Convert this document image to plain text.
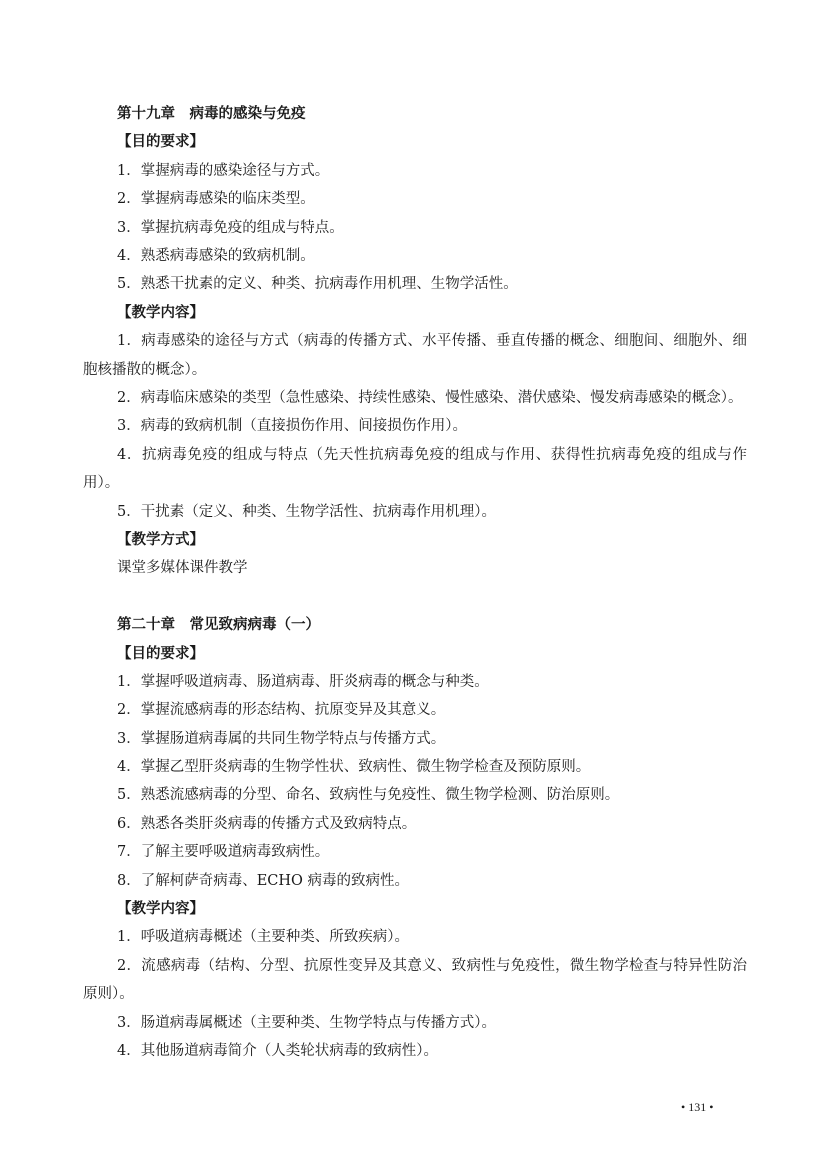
第十九章　病毒的感染与免疫
【目的要求】
1．掌握病毒的感染途径与方式。
2．掌握病毒感染的临床类型。
3．掌握抗病毒免疫的组成与特点。
4．熟悉病毒感染的致病机制。
5．熟悉干扰素的定义、种类、抗病毒作用机理、生物学活性。
【教学内容】
1．病毒感染的途径与方式（病毒的传播方式、水平传播、垂直传播的概念、细胞间、细胞外、细胞核播散的概念）。
2．病毒临床感染的类型（急性感染、持续性感染、慢性感染、潜伏感染、慢发病毒感染的概念）。
3．病毒的致病机制（直接损伤作用、间接损伤作用）。
4．抗病毒免疫的组成与特点（先天性抗病毒免疫的组成与作用、获得性抗病毒免疫的组成与作用）。
5．干扰素（定义、种类、生物学活性、抗病毒作用机理）。
【教学方式】
课堂多媒体课件教学
第二十章　常见致病病毒（一）
【目的要求】
1．掌握呼吸道病毒、肠道病毒、肝炎病毒的概念与种类。
2．掌握流感病毒的形态结构、抗原变异及其意义。
3．掌握肠道病毒属的共同生物学特点与传播方式。
4．掌握乙型肝炎病毒的生物学性状、致病性、微生物学检查及预防原则。
5．熟悉流感病毒的分型、命名、致病性与免疫性、微生物学检测、防治原则。
6．熟悉各类肝炎病毒的传播方式及致病特点。
7．了解主要呼吸道病毒致病性。
8．了解柯萨奇病毒、ECHO 病毒的致病性。
【教学内容】
1．呼吸道病毒概述（主要种类、所致疾病）。
2．流感病毒（结构、分型、抗原性变异及其意义、致病性与免疫性，微生物学检查与特异性防治原则）。
3．肠道病毒属概述（主要种类、生物学特点与传播方式）。
4．其他肠道病毒简介（人类轮状病毒的致病性）。
• 131 •
